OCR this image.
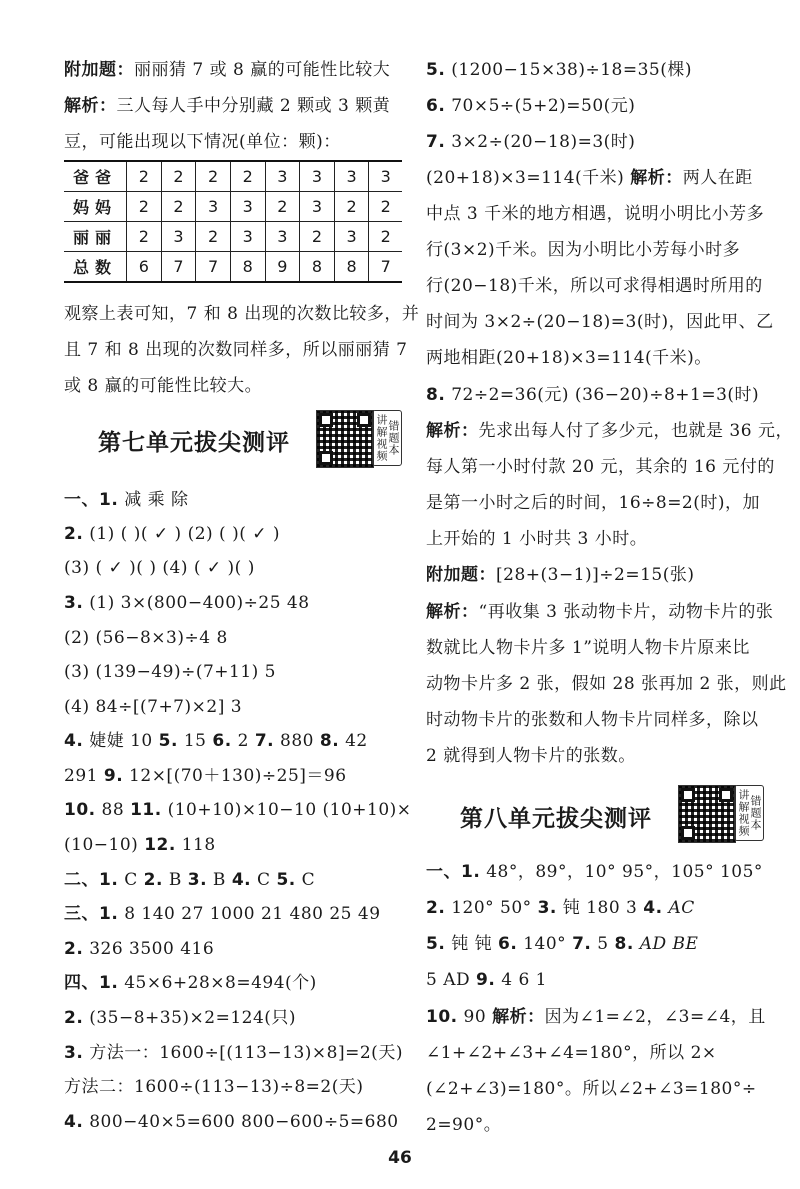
附加题：丽丽猜 7 或 8 赢的可能性比较大
解析：三人每人手中分别藏 2 颗或 3 颗黄
豆，可能出现以下情况(单位：颗)：
爸爸	2	2	2	2	3	3	3	3
妈妈	2	2	3	3	2	3	2	2
丽丽	2	3	2	3	3	2	3	2
总数	6	7	7	8	9	8	8	7
观察上表可知，7 和 8 出现的次数比较多，并
且 7 和 8 出现的次数同样多，所以丽丽猜 7
或 8 赢的可能性比较大。
第七单元拔尖测评	讲解视频 错题本
一、1. 减 乘 除
2. (1) ( )( ✓ ) (2) ( )( ✓ )
(3) ( ✓ )( ) (4) ( ✓ )( )
3. (1) 3×(800−400)÷25 48
(2) (56−8×3)÷4 8
(3) (139−49)÷(7+11) 5
(4) 84÷[(7+7)×2] 3
4. 婕婕 10 5. 15 6. 2 7. 880 8. 42
291 9. 12×[(70＋130)÷25]＝96
10. 88 11. (10+10)×10−10 (10+10)×
(10−10) 12. 118
二、1. C 2. B 3. B 4. C 5. C
三、1. 8 140 27 1000 21 480 25 49
2. 326 3500 416
四、1. 45×6+28×8=494(个)
2. (35−8+35)×2=124(只)
3. 方法一：1600÷[(113−13)×8]=2(天)
方法二：1600÷(113−13)÷8=2(天)
4. 800−40×5=600 800−600÷5=680
5. (1200−15×38)÷18=35(棵)
6. 70×5÷(5+2)=50(元)
7. 3×2÷(20−18)=3(时)
(20+18)×3=114(千米) 解析：两人在距
中点 3 千米的地方相遇，说明小明比小芳多
行(3×2)千米。因为小明比小芳每小时多
行(20−18)千米，所以可求得相遇时所用的
时间为 3×2÷(20−18)=3(时)，因此甲、乙
两地相距(20+18)×3=114(千米)。
8. 72÷2=36(元) (36−20)÷8+1=3(时)
解析：先求出每人付了多少元，也就是 36 元，
每人第一小时付款 20 元，其余的 16 元付的
是第一小时之后的时间，16÷8=2(时)，加
上开始的 1 小时共 3 小时。
附加题：[28+(3−1)]÷2=15(张)
解析：“再收集 3 张动物卡片，动物卡片的张
数就比人物卡片多 1”说明人物卡片原来比
动物卡片多 2 张，假如 28 张再加 2 张，则此
时动物卡片的张数和人物卡片同样多，除以
2 就得到人物卡片的张数。
第八单元拔尖测评	讲解视频 错题本
一、1. 48°，89°，10° 95°，105° 105°
2. 120° 50° 3. 钝 180 3 4. AC
5. 钝 钝 6. 140° 7. 5 8. AD BE
5 AD 9. 4 6 1
10. 90 解析：因为∠1=∠2，∠3=∠4，且
∠1+∠2+∠3+∠4=180°，所以 2×
(∠2+∠3)=180°。所以∠2+∠3=180°÷
2=90°。
46
